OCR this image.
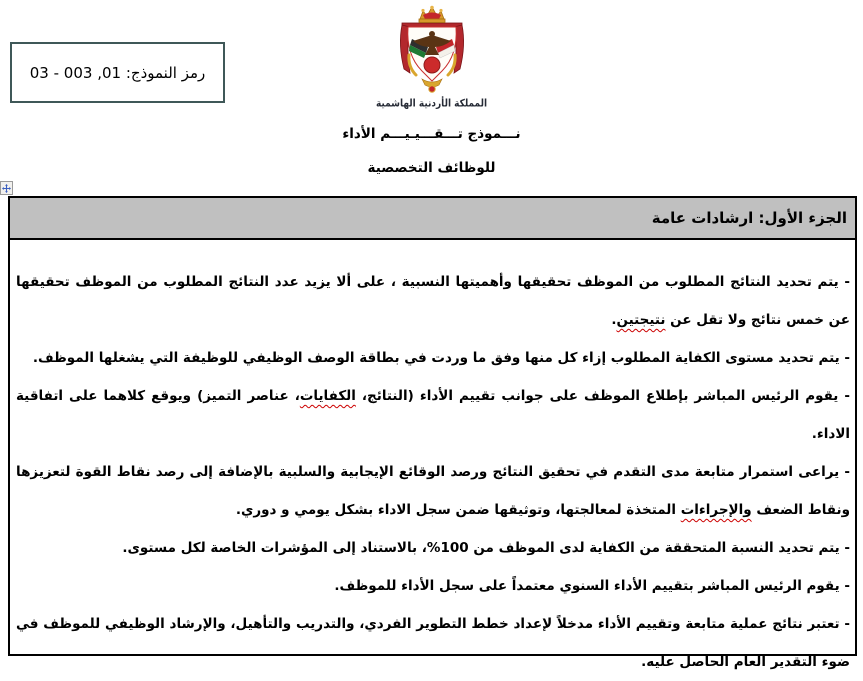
رمز النموذج: 01, 003 - 03
المملكة الأردنية الهاشمية
نـــموذج تـــقـــيـيـــم الأداء
للوظائف التخصصية
الجزء الأول: ارشادات عامة
- يتم تحديد النتائج المطلوب من الموظف تحقيقها وأهميتها النسبية ، على ألا يزيد عدد النتائج المطلوب من الموظف تحقيقها عن خمس نتائج ولا تقل عن نتيجتين.
- يتم تحديد مستوى الكفاية المطلوب إزاء كل منها وفق ما وردت في بطاقة الوصف الوظيفي للوظيفة التي يشغلها الموظف.
- يقوم الرئيس المباشر بإطلاع الموظف على جوانب تقييم الأداء (النتائج، الكفايات، عناصر التميز) ويوقع كلاهما على اتفاقية الاداء.
- يراعى استمرار متابعة مدى التقدم في تحقيق النتائج ورصد الوقائع الإيجابية والسلبية بالإضافة إلى رصد نقاط القوة لتعزيزها ونقاط الضعف والإجراءات المتخذة لمعالجتها، وتوثيقها ضمن سجل الاداء بشكل يومي و دوري.
- يتم تحديد النسبة المتحققة من الكفاية لدى الموظف من 100%، بالاستناد إلى المؤشرات الخاصة لكل مستوى.
- يقوم الرئيس المباشر بتقييم الأداء السنوي معتمداً على سجل الأداء للموظف.
- تعتبر نتائج عملية متابعة وتقييم الأداء مدخلاً لإعداد خطط التطوير الفردي، والتدريب والتأهيل، والإرشاد الوظيفي للموظف في ضوء التقدير العام الحاصل عليه.
